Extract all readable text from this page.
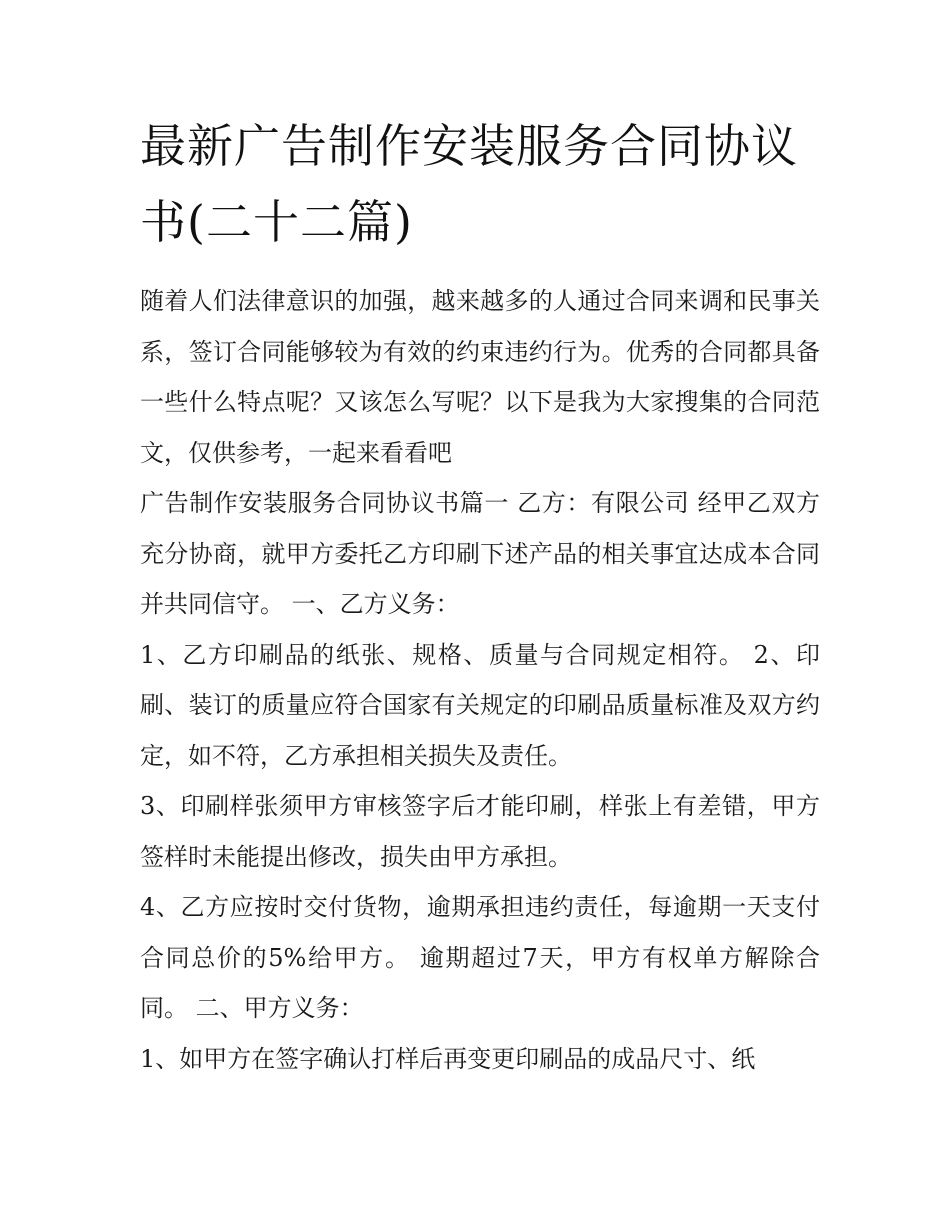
最新广告制作安装服务合同协议书(二十二篇)

随着人们法律意识的加强，越来越多的人通过合同来调和民事关系，签订合同能够较为有效的约束违约行为。优秀的合同都具备一些什么特点呢？又该怎么写呢？以下是我为大家搜集的合同范文，仅供参考，一起来看看吧

广告制作安装服务合同协议书篇一 乙方：有限公司 经甲乙双方充分协商，就甲方委托乙方印刷下述产品的相关事宜达成本合同并共同信守。 一、乙方义务：

1、乙方印刷品的纸张、规格、质量与合同规定相符。 2、印刷、装订的质量应符合国家有关规定的印刷品质量标准及双方约定，如不符，乙方承担相关损失及责任。

3、印刷样张须甲方审核签字后才能印刷，样张上有差错，甲方签样时未能提出修改，损失由甲方承担。

4、乙方应按时交付货物，逾期承担违约责任，每逾期一天支付合同总价的5%给甲方。 逾期超过7天，甲方有权单方解除合同。 二、甲方义务：

1、如甲方在签字确认打样后再变更印刷品的成品尺寸、纸
